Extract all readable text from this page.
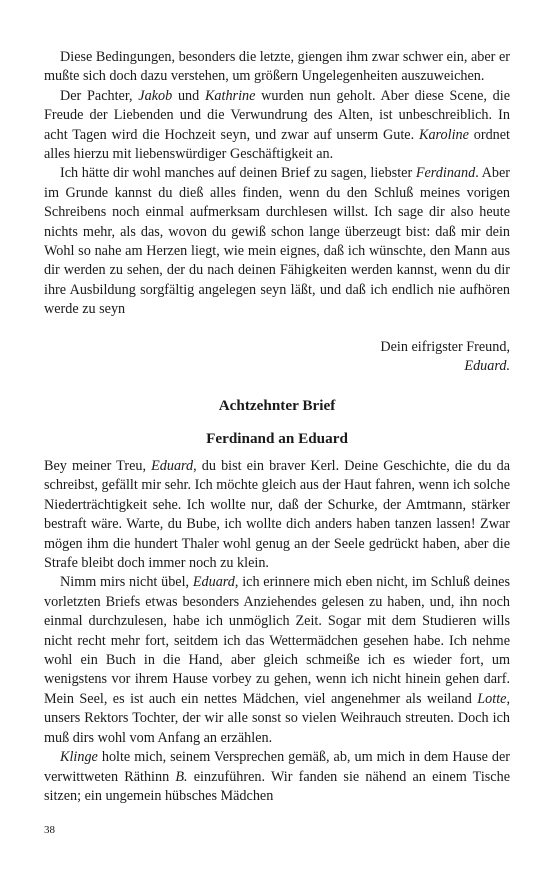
Diese Bedingungen, besonders die letzte, giengen ihm zwar schwer ein, aber er mußte sich doch dazu verstehen, um größern Ungelegenheiten auszuweichen.

Der Pachter, Jakob und Kathrine wurden nun geholt. Aber diese Scene, die Freude der Liebenden und die Verwundrung des Alten, ist unbeschreiblich. In acht Tagen wird die Hochzeit seyn, und zwar auf unserm Gute. Karoline ordnet alles hierzu mit liebenswürdiger Geschäftigkeit an.

Ich hätte dir wohl manches auf deinen Brief zu sagen, liebster Ferdinand. Aber im Grunde kannst du dieß alles finden, wenn du den Schluß meines vorigen Schreibens noch einmal aufmerksam durchlesen willst. Ich sage dir also heute nichts mehr, als das, wovon du gewiß schon lange überzeugt bist: daß mir dein Wohl so nahe am Herzen liegt, wie mein eignes, daß ich wünschte, den Mann aus dir werden zu sehen, der du nach deinen Fähigkeiten werden kannst, wenn du dir ihre Ausbildung sorgfältig angelegen seyn läßt, und daß ich endlich nie aufhören werde zu seyn

Dein eifrigster Freund,
Eduard.
Achtzehnter Brief
Ferdinand an Eduard

Bey meiner Treu, Eduard, du bist ein braver Kerl. Deine Geschichte, die du da schreibst, gefällt mir sehr. Ich möchte gleich aus der Haut fahren, wenn ich solche Niederträchtigkeit sehe. Ich wollte nur, daß der Schurke, der Amtmann, stärker bestraft wäre. Warte, du Bube, ich wollte dich anders haben tanzen lassen! Zwar mögen ihm die hundert Thaler wohl genug an der Seele gedrückt haben, aber die Strafe bleibt doch immer noch zu klein.

Nimm mirs nicht übel, Eduard, ich erinnere mich eben nicht, im Schluß deines vorletzten Briefs etwas besonders Anziehendes gelesen zu haben, und, ihn noch einmal durchzulesen, habe ich unmöglich Zeit. Sogar mit dem Studieren wills nicht recht mehr fort, seitdem ich das Wettermädchen gesehen habe. Ich nehme wohl ein Buch in die Hand, aber gleich schmeiße ich es wieder fort, um wenigstens vor ihrem Hause vorbey zu gehen, wenn ich nicht hinein gehen darf. Mein Seel, es ist auch ein nettes Mädchen, viel angenehmer als weiland Lotte, unsers Rektors Tochter, der wir alle sonst so vielen Weihrauch streuten. Doch ich muß dirs wohl vom Anfang an erzählen.

Klinge holte mich, seinem Versprechen gemäß, ab, um mich in dem Hause der verwittweten Räthinn B. einzuführen. Wir fanden sie nähend an einem Tische sitzen; ein ungemein hübsches Mädchen

38
